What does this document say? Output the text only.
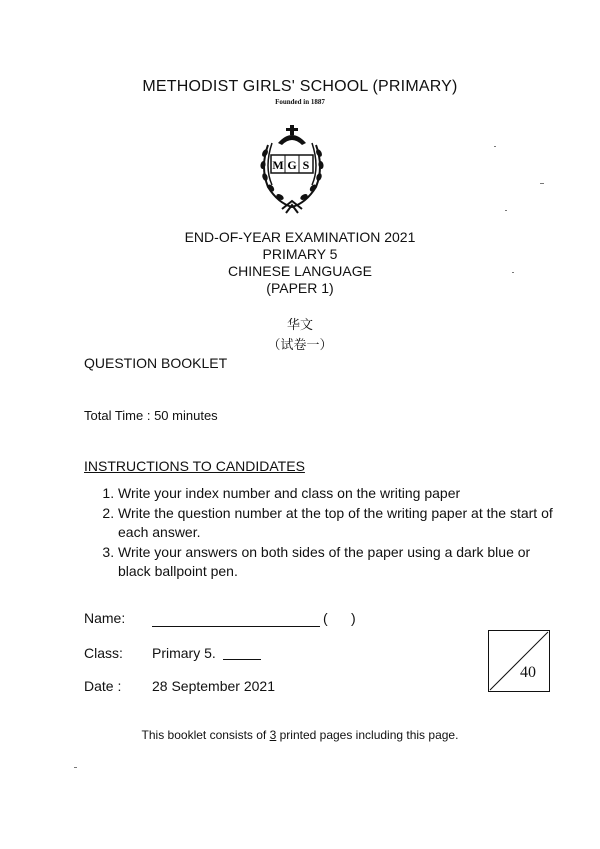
METHODIST GIRLS' SCHOOL (PRIMARY)
Founded in 1887
M G S
END-OF-YEAR EXAMINATION 2021
PRIMARY 5
CHINESE LANGUAGE
(PAPER 1)
华文
（试卷一）
QUESTION BOOKLET
Total Time : 50 minutes
INSTRUCTIONS TO CANDIDATES
1. Write your index number and class on the writing paper
2. Write the question number at the top of the writing paper at the start of each answer.
3. Write your answers on both sides of the paper using a dark blue or black ballpoint pen.
Name:	(      )
Class: Primary 5.
Date : 28 September 2021
40
This booklet consists of 3 printed pages including this page.
